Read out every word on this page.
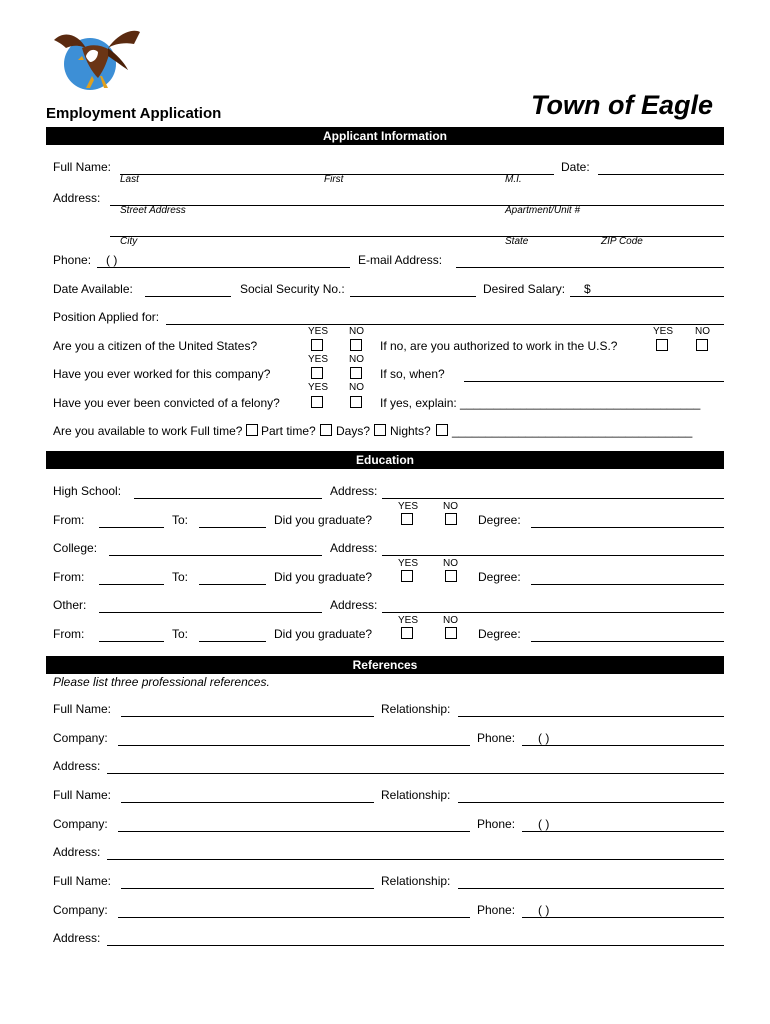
Employment Application	Town of Eagle
Applicant Information
Full Name:	Date:
Last	First	M.I.
Address:
Street Address	Apartment/Unit #
City	State	ZIP Code
Phone: ( )	E-mail Address:
Date Available:	Social Security No.:	Desired Salary: $
Position Applied for:
YES NO	YES NO
Are you a citizen of the United States?	If no, are you authorized to work in the U.S.?
YES NO
Have you ever worked for this company?	If so, when?
YES NO
Have you ever been convicted of a felony?	If yes, explain: ____________________________________
Are you available to work Full time? Part time? Days? Nights? ____________________________________
Education
High School:	Address:
YES NO
From:	To:	Did you graduate?	Degree:
College:	Address:
YES NO
From:	To:	Did you graduate?	Degree:
Other:	Address:
YES NO
From:	To:	Did you graduate?	Degree:
References
Please list three professional references.
Full Name:	Relationship:
Company:	Phone: ( )
Address:
Full Name:	Relationship:
Company:	Phone: ( )
Address:
Full Name:	Relationship:
Company:	Phone: ( )
Address:
